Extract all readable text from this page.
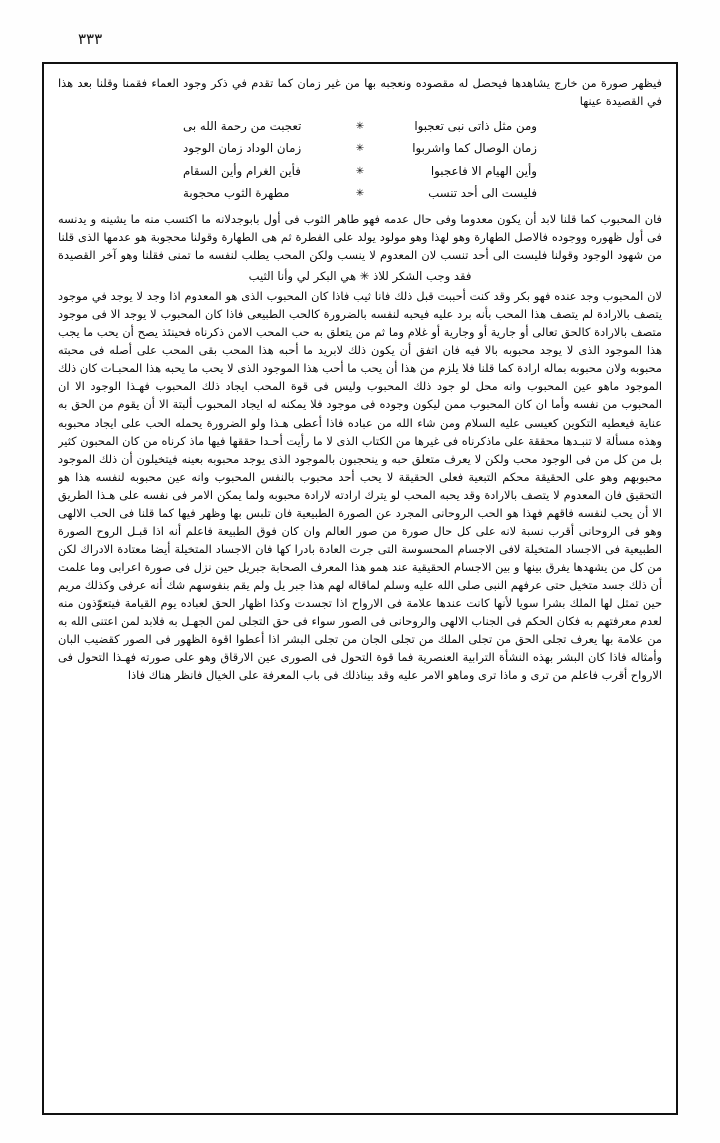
٣٣٣

فيظهر صورة من خارج يشاهدها فيحصل له مقصوده ونعجبه بها من غير زمان كما تقدم في ذكر وجود العماء فقمنا وقلنا بعد هذا في القصيدة عينها

ومن مثل ذاتى نبى تعجبوا
✳
تعجبت من رحمة الله بى
زمان الوصال كما واشربوا
✳
زمان الوداد زمان الوجود
وأين الهيام الا فاعجبوا
✳
فأين الغرام وأين السقام
فليست الى أحد تنسب
✳
مطهرة الثوب محجوبة

فان المحبوب كما قلنا لابد أن يكون معدوما وفى حال عدمه فهو طاهر الثوب فى أول بابوجدلانه ما اكتسب منه ما يشينه و يدنسه فى أول ظهوره ووجوده فالاصل الطهارة وهو لهذا وهو مولود يولد على الفطرة ثم هى الطهارة وقولنا محجوبة هو عدمها الذى قلنا من شهود الوجود وقولنا فليست الى أحد تنسب لان المعدوم لا ينسب ولكن المحب يطلب لنفسه ما تمنى فقلنا وهو آخر القصيدة

فقد وجب الشكر للاذ ✳ هي البكر لي وأنا الثيب

لان المحبوب وجد عنده فهو بكر وقد كنت أحببت قبل ذلك فانا ثيب فاذا كان المحبوب الذى هو المعدوم اذا وجد لا يوجد في موجود يتصف بالارادة لم يتصف هذا المحب بأنه برد عليه فيحبه لنفسه بالضرورة كالحب الطبيعى فاذا كان المحبوب لا يوجد الا فى موجود متصف بالارادة كالحق تعالى أو جارية أو وجارية أو غلام وما ثم من يتعلق به حب المحب الامن ذكرناه فحينئذ يصح أن يحب ما يجب هذا الموجود الذى لا يوجد محبوبه بالا فيه فان اتفق أن يكون ذلك لابريد ما أحبه هذا المحب بقى المحب على أصله فى محبته محبوبه ولان محبوبه بماله ارادة كما قلنا فلا يلزم من هذا أن يحب ما أحب هذا الموجود الذى لا يحب ما يحبه هذا المحبـات كان ذلك الموجود ماهو عين المحبوب وانه محل لو جود ذلك المحبوب وليس فى قوة المحب ايجاد ذلك المحبوب فهـذا الوجود الا ان المحبوب من نفسه وأما ان كان المحبوب ممن ليكون وجوده فى موجود فلا يمكنه له ايجاد المحبوب ألبتة الا أن يقوم من الحق به عناية فيعطيه التكوين كعيسى عليه السلام ومن شاء الله من عباده فاذا أعطى هـذا ولو الضرورة يحمله الحب على ايجاد محبوبه وهذه مسألة لا تنبـدها محققة على ماذكرناه فى غيرها من الكتاب الذى لا ما رأيت أحـدا حققها فيها ماذ كرناه من كان المحبون كثير بل من كل من فى الوجود محب ولكن لا يعرف متعلق حبه و ينحجبون بالموجود الذى يوجد محبوبه بعينه فيتخيلون أن ذلك الموجود محبوبهم وهو على الحقيقة محكم التبعية فعلى الحقيقة لا يحب أحد محبوب بالنفس المحبوب وانه عين محبوبه لنفسه هذا هو التحقيق فان المعدوم لا يتصف بالارادة وقد يحبه المحب لو يترك ارادته لارادة محبوبه ولما يمكن الامر فى نفسه على هـذا الطريق الا أن يحب لنفسه فاقهم فهذا هو الحب الروحانى المجرد عن الصورة الطبيعية فان تلبس بها وظهر فيها كما قلنا فى الحب الالهى وهو فى الروحانى أقرب نسبة لانه على كل حال صورة من صور العالم وان كان فوق الطبيعة فاعلم أنه اذا قبـل الروح الصورة الطبيعية فى الاجساد المتخيلة لافى الاجسام المحسوسة التى جرت العادة بادرا كها فان الاجساد المتخيلة أيضا معتادة الادراك لكن من كل من يشهدها يفرق بينها و بين الاجسام الحقيقية عند همو هذا المعرف الصحابة جبريل حين نزل فى صورة اعرابى وما علمت أن ذلك جسد متخيل حتى عرفهم النبى صلى الله عليه وسلم لماقاله لهم هذا جبر يل ولم يقم بنفوسهم شك أنه عرفى وكذلك مريم حين تمثل لها الملك بشرا سويا لأنها كانت عندها علامة فى الارواح اذا تجسدت وكذا اظهار الحق لعباده يوم القيامة فيتعوّذون منه لعدم معرفتهم به فكان الحكم فى الجناب الالهى والروحانى فى الصور سواء فى حق التجلى لمن الجهـل به فلابد لمن اعتنى الله به من علامة بها يعرف تجلى الحق من تجلى الملك من تجلى الجان من تجلى البشر اذا أعطوا اقوة الظهور فى الصور كقضيب البان وأمثاله فاذا كان البشر بهذه النشأة الترابية العنصرية فما قوة التحول فى الصورى عين الارقاق وهو على صورته فهـذا التحول فى الارواح أقرب فاعلم من ترى و ماذا ترى وماهو الامر عليه وقد بيناذلك فى باب المعرفة على الخيال فانظر هناك فاذا
